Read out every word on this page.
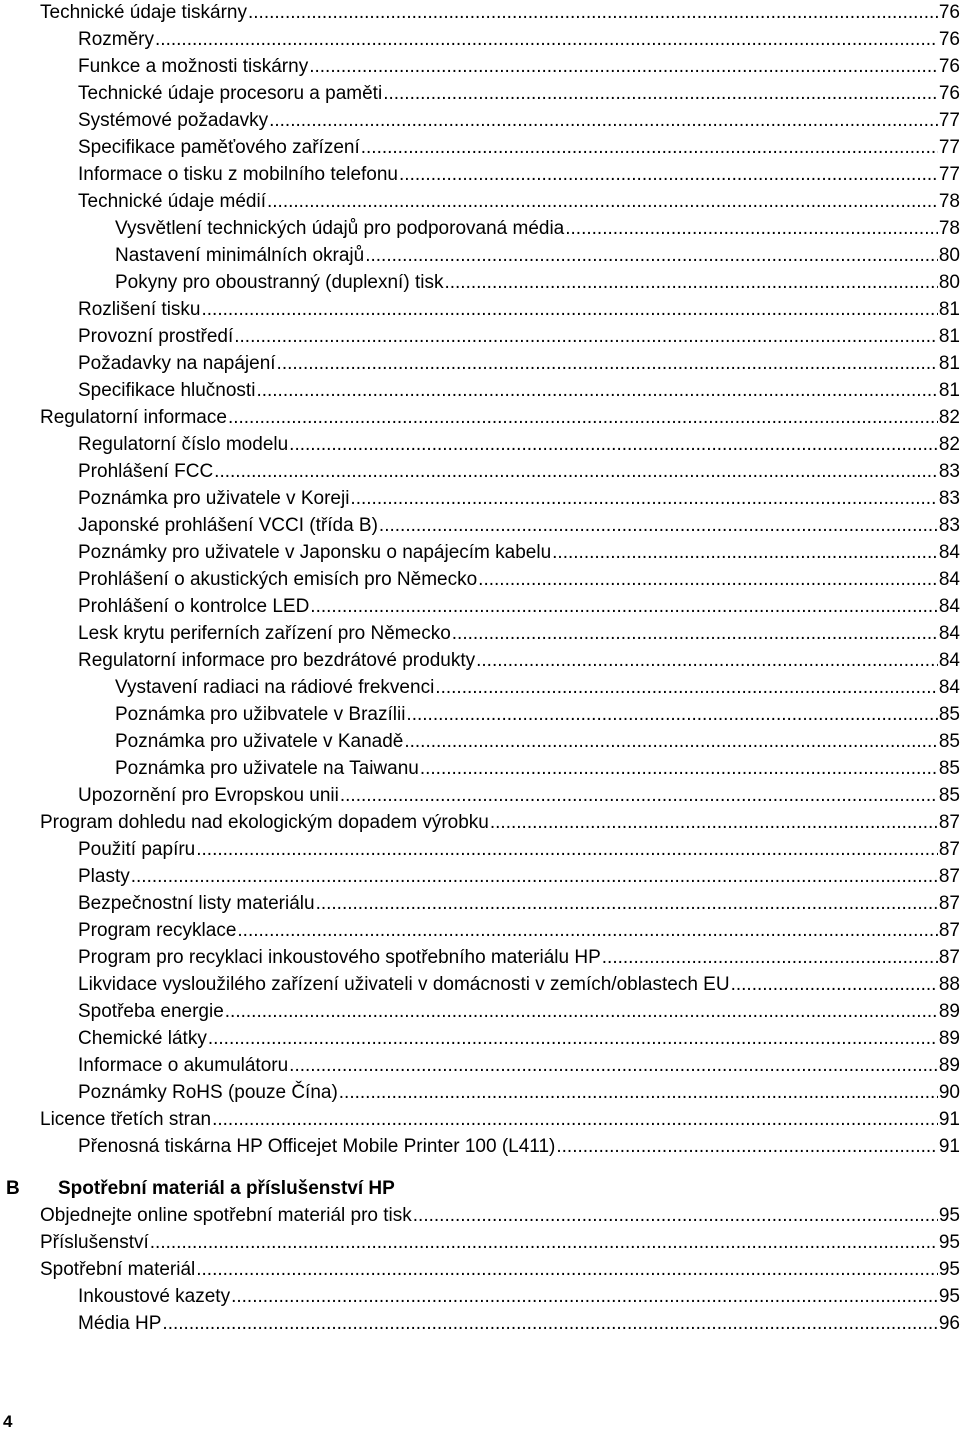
Technické údaje tiskárny .....	76
Rozměry .....	76
Funkce a možnosti tiskárny .....	76
Technické údaje procesoru a paměti .....	76
Systémové požadavky .....	77
Specifikace paměťového zařízení .....	77
Informace o tisku z mobilního telefonu .....	77
Technické údaje médií .....	78
Vysvětlení technických údajů pro podporovaná média .....	78
Nastavení minimálních okrajů .....	80
Pokyny pro oboustranný (duplexní) tisk .....	80
Rozlišení tisku .....	81
Provozní prostředí .....	81
Požadavky na napájení .....	81
Specifikace hlučnosti .....	81
Regulatorní informace .....	82
Regulatorní číslo modelu .....	82
Prohlášení FCC .....	83
Poznámka pro uživatele v Koreji .....	83
Japonské prohlášení VCCI (třída B) .....	83
Poznámky pro uživatele v Japonsku o napájecím kabelu .....	84
Prohlášení o akustických emisích pro Německo .....	84
Prohlášení o kontrolce LED .....	84
Lesk krytu periferních zařízení pro Německo .....	84
Regulatorní informace pro bezdrátové produkty .....	84
Vystavení radiaci na rádiové frekvenci .....	84
Poznámka pro užibvatele v Brazílii .....	85
Poznámka pro uživatele v Kanadě .....	85
Poznámka pro uživatele na Taiwanu .....	85
Upozornění pro Evropskou unii .....	85
Program dohledu nad ekologickým dopadem výrobku .....	87
Použití papíru .....	87
Plasty .....	87
Bezpečnostní listy materiálu .....	87
Program recyklace .....	87
Program pro recyklaci inkoustového spotřebního materiálu HP .....	87
Likvidace vysloužilého zařízení uživateli v domácnosti v zemích/oblastech EU .....	88
Spotřeba energie .....	89
Chemické látky .....	89
Informace o akumulátoru .....	89
Poznámky RoHS (pouze Čína) .....	90
Licence třetích stran .....	91
Přenosná tiskárna HP Officejet Mobile Printer 100 (L411) .....	91
B Spotřební materiál a příslušenství HP
Objednejte online spotřební materiál pro tisk .....	95
Příslušenství .....	95
Spotřební materiál .....	95
Inkoustové kazety .....	95
Média HP .....	96
4
